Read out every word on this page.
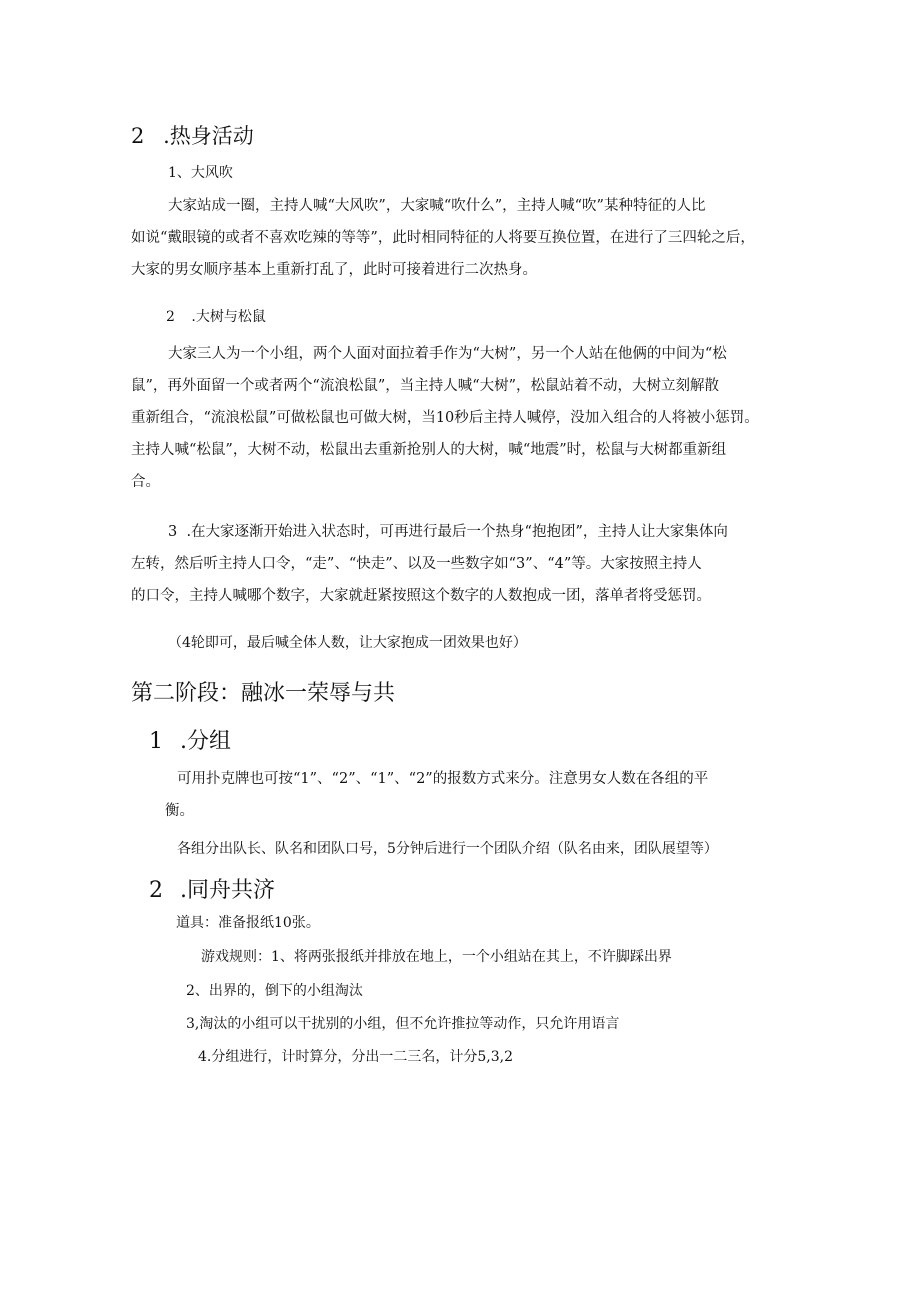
2 .热身活动
1、大风吹
大家站成一圈，主持人喊“大风吹”，大家喊“吹什么”，主持人喊“吹”某种特征的人比
如说“戴眼镜的或者不喜欢吃辣的等等”，此时相同特征的人将要互换位置，在进行了三四轮之后，
大家的男女顺序基本上重新打乱了，此时可接着进行二次热身。
2 .大树与松鼠
大家三人为一个小组，两个人面对面拉着手作为“大树”，另一个人站在他俩的中间为“松
鼠”，再外面留一个或者两个“流浪松鼠”，当主持人喊“大树”，松鼠站着不动，大树立刻解散
重新组合，“流浪松鼠”可做松鼠也可做大树，当10秒后主持人喊停，没加入组合的人将被小惩罚。
主持人喊“松鼠”，大树不动，松鼠出去重新抢别人的大树，喊“地震”时，松鼠与大树都重新组
合。
3  .在大家逐渐开始进入状态时，可再进行最后一个热身“抱抱团”，主持人让大家集体向
左转，然后听主持人口令，“走”、“快走”、以及一些数字如“3”、“4”等。大家按照主持人
的口令，主持人喊哪个数字，大家就赶紧按照这个数字的人数抱成一团，落单者将受惩罚。
（4轮即可，最后喊全体人数，让大家抱成一团效果也好）
第二阶段：融冰一荣辱与共
1 .分组
可用扑克牌也可按“1”、“2”、“1”、“2”的报数方式来分。注意男女人数在各组的平
衡。
各组分出队长、队名和团队口号，5分钟后进行一个团队介绍（队名由来，团队展望等）
2 .同舟共济
道具：准备报纸10张。
游戏规则：1、将两张报纸并排放在地上，一个小组站在其上，不许脚踩出界
2、出界的，倒下的小组淘汰
3,淘汰的小组可以干扰别的小组，但不允许推拉等动作，只允许用语言
4.分组进行，计时算分，分出一二三名，计分5,3,2
